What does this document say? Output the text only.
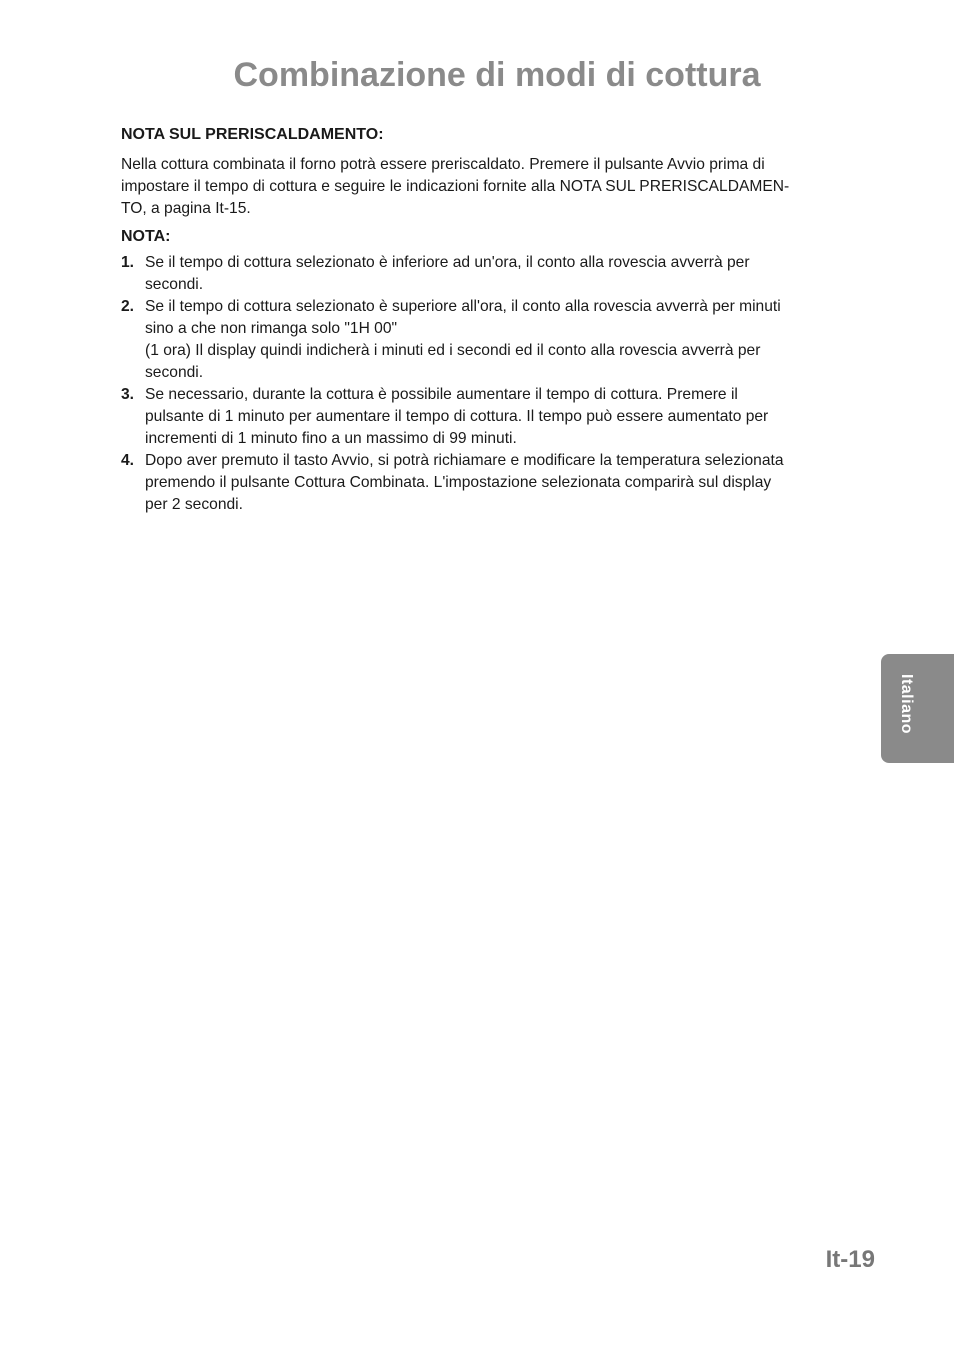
Combinazione di modi di cottura
NOTA SUL PRERISCALDAMENTO:

Nella cottura combinata il forno potrà essere preriscaldato. Premere il pulsante Avvio prima di
impostare il tempo di cottura e seguire le indicazioni fornite alla NOTA SUL PRERISCALDAMEN-
TO, a pagina It-15.

NOTA:
1. Se il tempo di cottura selezionato è inferiore ad un'ora, il conto alla rovescia avverrà per
secondi.
2. Se il tempo di cottura selezionato è superiore all'ora, il conto alla rovescia avverrà per minuti
sino a che non rimanga solo "1H 00"
(1 ora) Il display quindi indicherà i minuti ed i secondi ed il conto alla rovescia avverrà per
secondi.
3. Se necessario, durante la cottura è possibile aumentare il tempo di cottura. Premere il
pulsante di 1 minuto per aumentare il tempo di cottura. Il tempo può essere aumentato per
incrementi di 1 minuto fino a un massimo di 99 minuti.
4. Dopo aver premuto il tasto Avvio, si potrà richiamare e modificare la temperatura selezionata
premendo il pulsante Cottura Combinata. L'impostazione selezionata comparirà sul display
per 2 secondi.
Italiano
It-19
